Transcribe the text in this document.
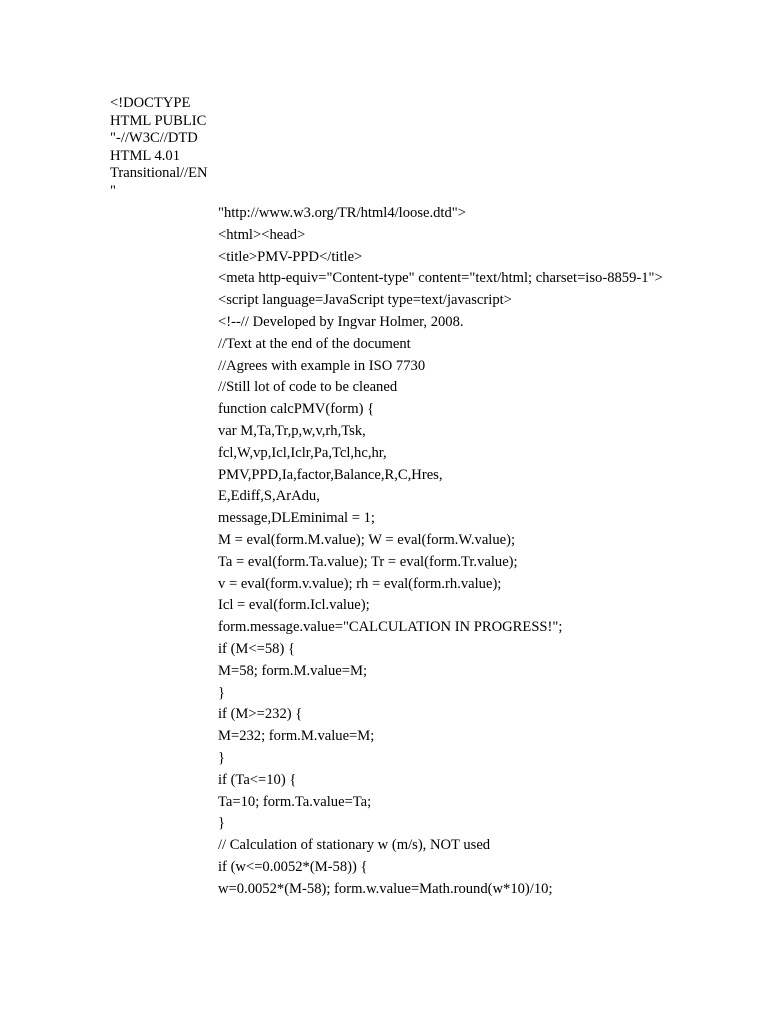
<!DOCTYPE
HTML PUBLIC
"-//W3C//DTD
HTML 4.01
Transitional//EN
"
"http://www.w3.org/TR/html4/loose.dtd">
<html><head>
<title>PMV-PPD</title>
<meta http-equiv="Content-type" content="text/html; charset=iso-8859-1">
<script language=JavaScript type=text/javascript>
<!--// Developed by Ingvar Holmer, 2008.
//Text at the end of the document
//Agrees with example in ISO 7730
//Still lot of code to be cleaned
function calcPMV(form) {
var M,Ta,Tr,p,w,v,rh,Tsk,
fcl,W,vp,Icl,Iclr,Pa,Tcl,hc,hr,
PMV,PPD,Ia,factor,Balance,R,C,Hres,
E,Ediff,S,ArAdu,
message,DLEminimal = 1;
M = eval(form.M.value); W = eval(form.W.value);
Ta = eval(form.Ta.value); Tr = eval(form.Tr.value);
v = eval(form.v.value); rh = eval(form.rh.value);
Icl = eval(form.Icl.value);
form.message.value="CALCULATION IN PROGRESS!";
if (M<=58) {
M=58; form.M.value=M;
}
if (M>=232) {
M=232; form.M.value=M;
}
if (Ta<=10) {
Ta=10; form.Ta.value=Ta;
}
// Calculation of stationary w (m/s), NOT used
if (w<=0.0052*(M-58)) {
w=0.0052*(M-58); form.w.value=Math.round(w*10)/10;
